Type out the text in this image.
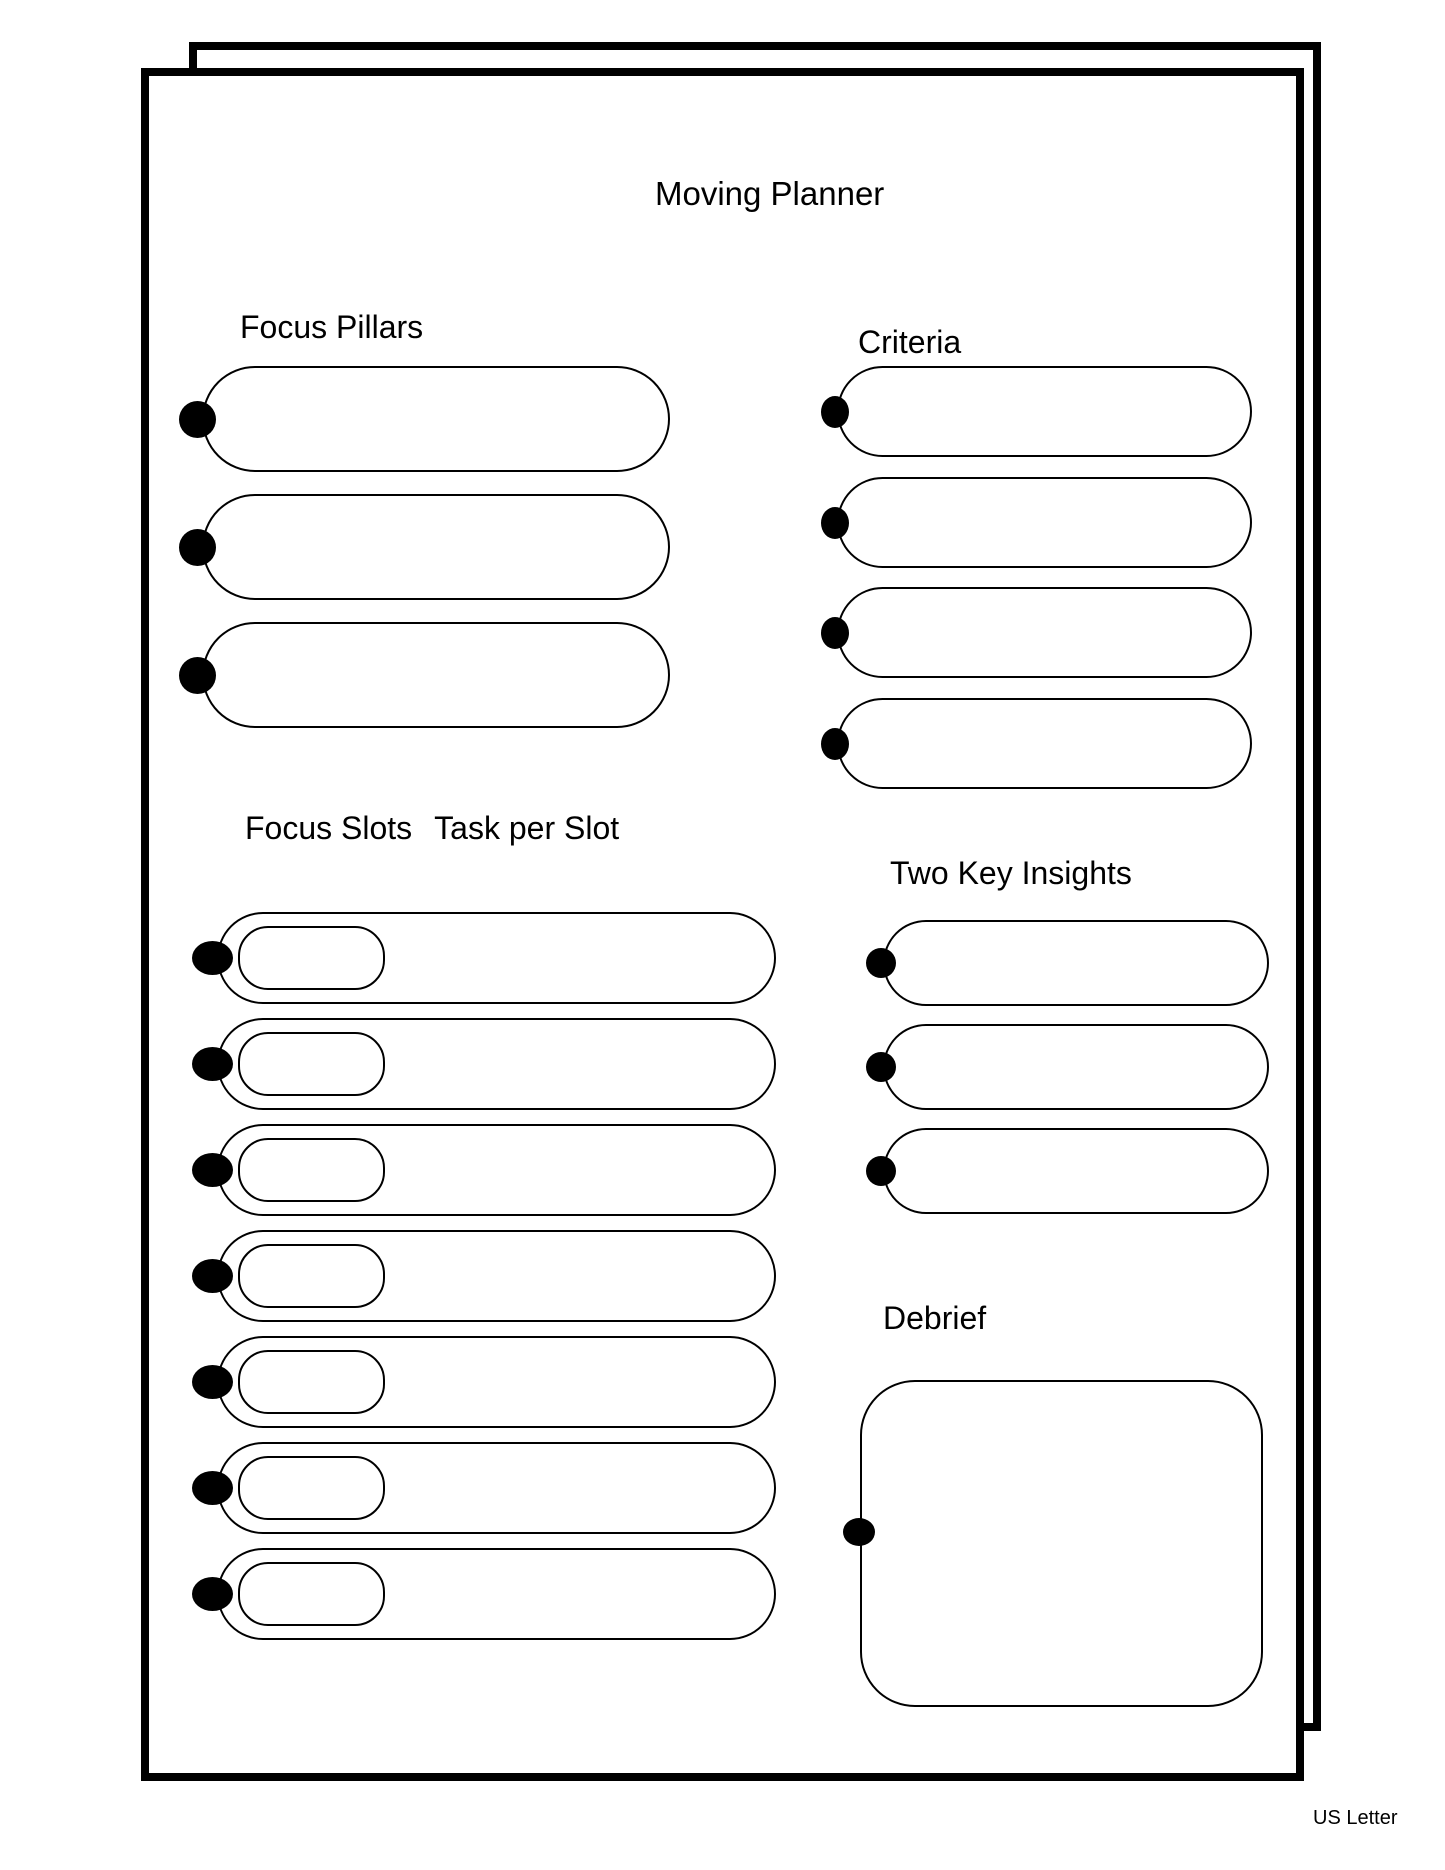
Moving Planner
Focus Pillars	Criteria
Focus Slots Task per Slot
Two Key Insights
Debrief
US Letter
